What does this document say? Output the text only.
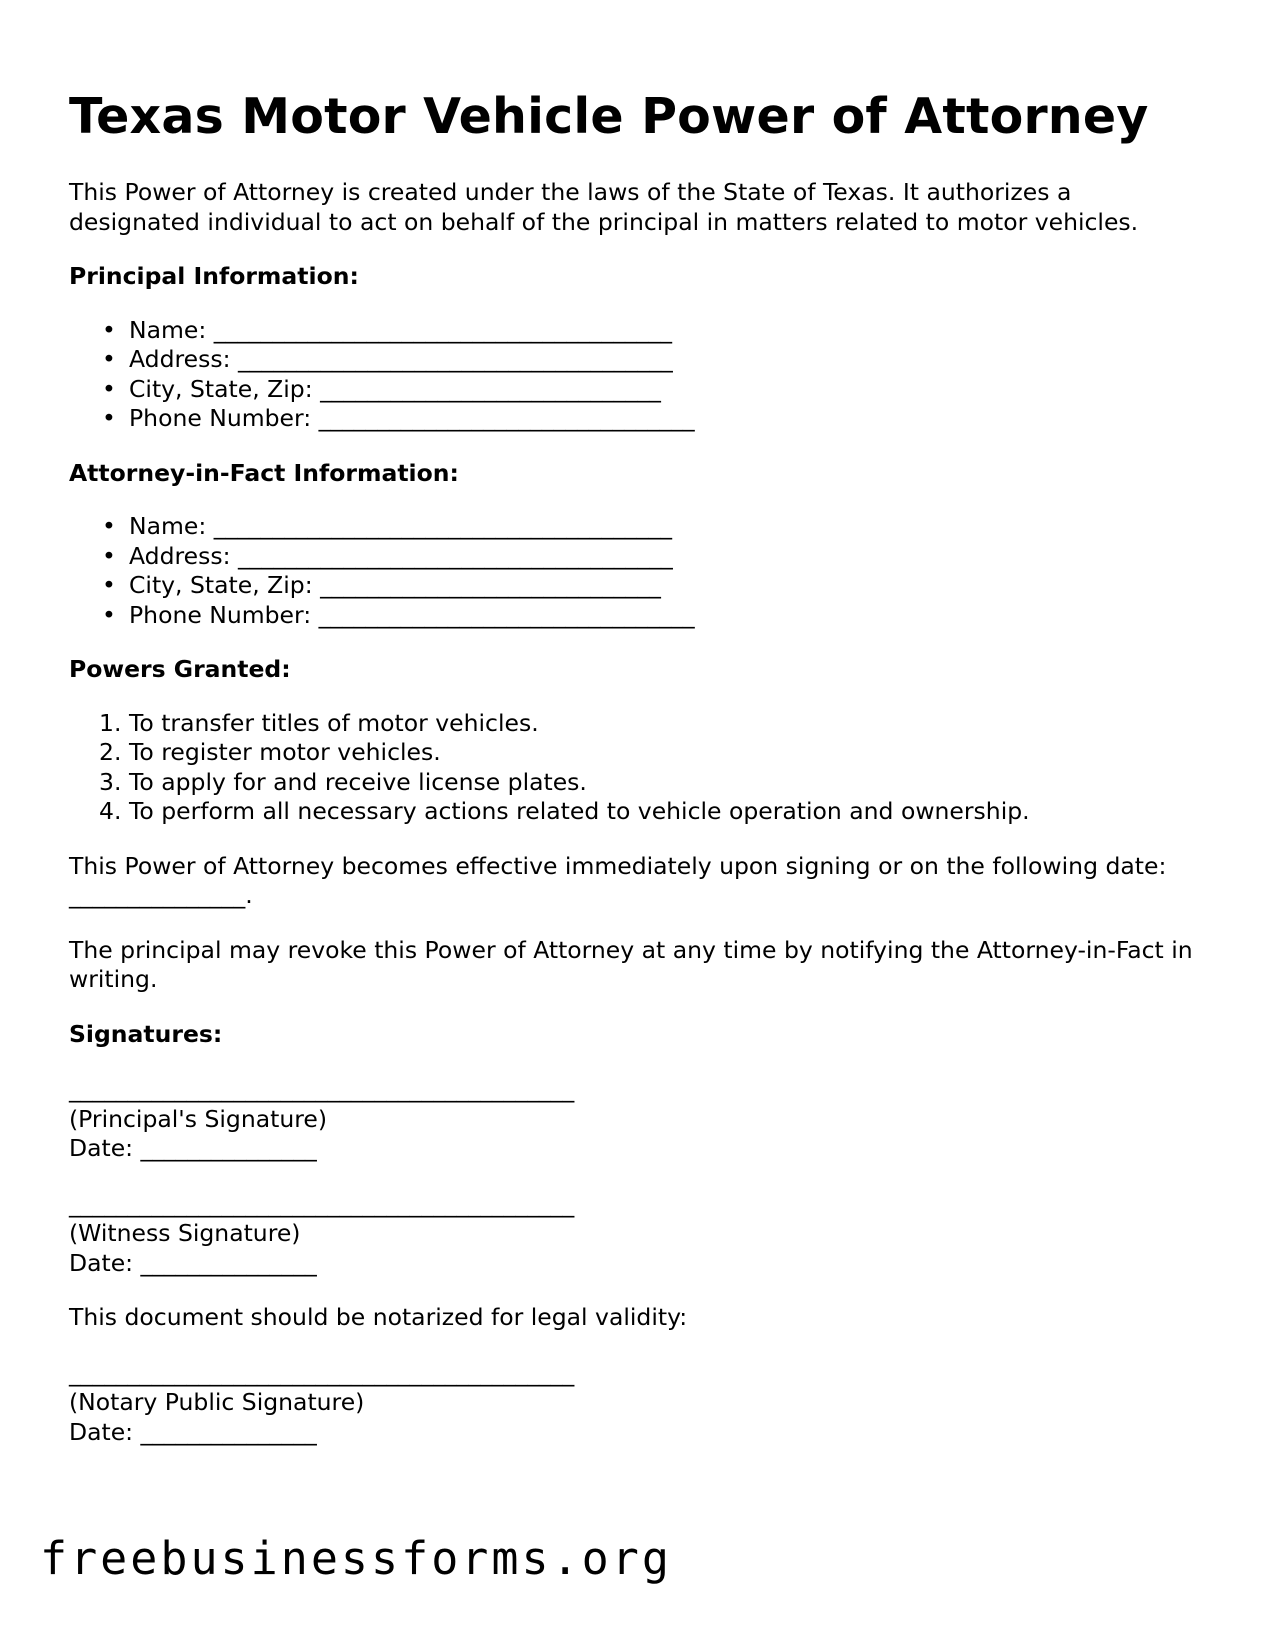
Texas Motor Vehicle Power of Attorney

This Power of Attorney is created under the laws of the State of Texas. It authorizes a designated individual to act on behalf of the principal in matters related to motor vehicles.

Principal Information:
• Name: _______________________________________
• Address: _____________________________________
• City, State, Zip: _____________________________
• Phone Number: ________________________________
Attorney-in-Fact Information:
• Name: _______________________________________
• Address: _____________________________________
• City, State, Zip: _____________________________
• Phone Number: ________________________________
Powers Granted:
1. To transfer titles of motor vehicles.
2. To register motor vehicles.
3. To apply for and receive license plates.
4. To perform all necessary actions related to vehicle operation and ownership.

This Power of Attorney becomes effective immediately upon signing or on the following date: _______________.

The principal may revoke this Power of Attorney at any time by notifying the Attorney-in-Fact in writing.

Signatures:
___________________________________________
(Principal's Signature)
Date: _______________
___________________________________________
(Witness Signature)
Date: _______________

This document should be notarized for legal validity:

___________________________________________
(Notary Public Signature)
Date: _______________
freebusinessforms.org
